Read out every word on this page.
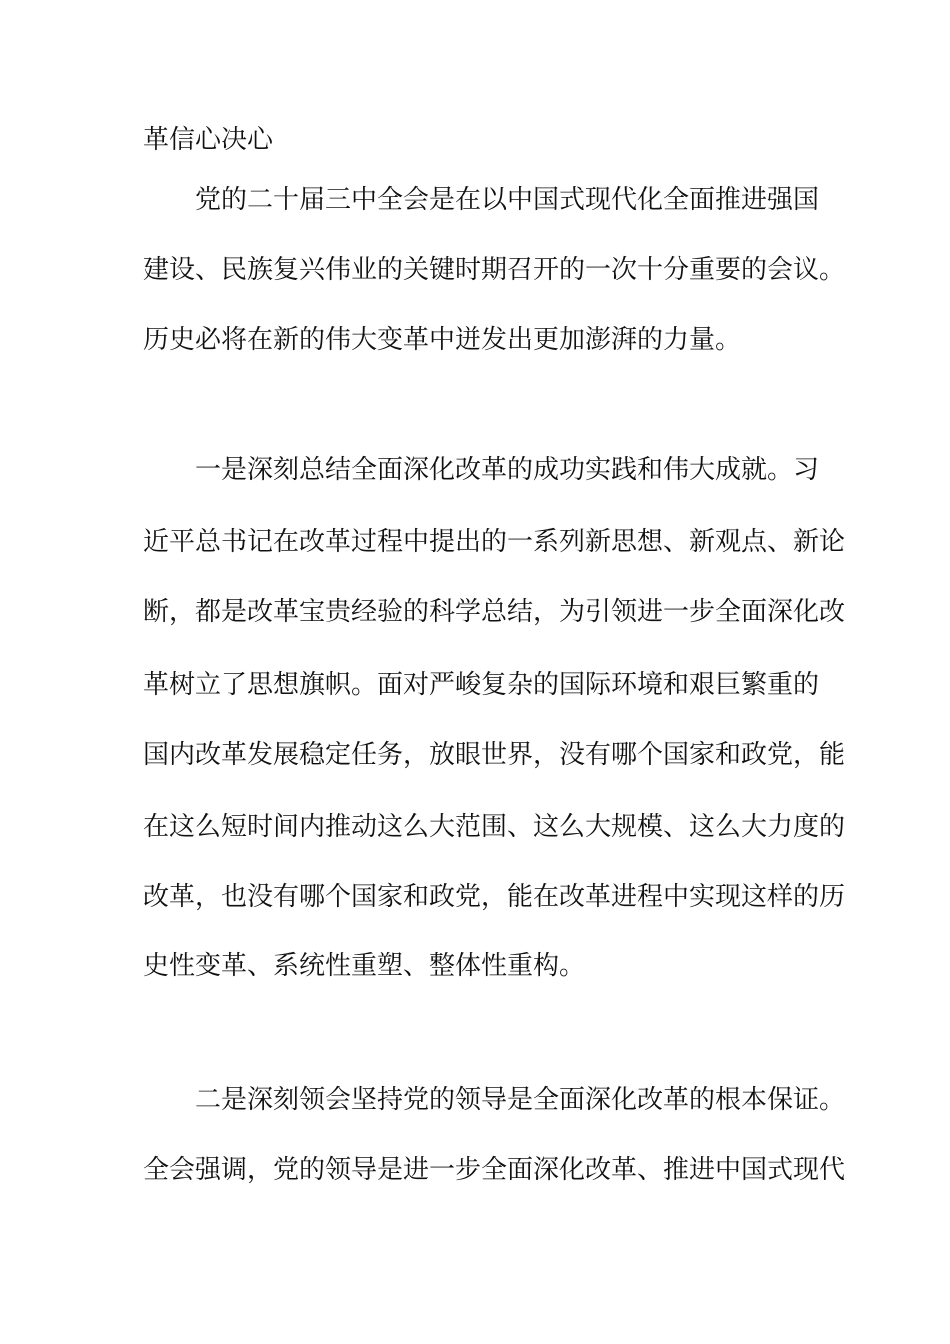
革信心决心
党的二十届三中全会是在以中国式现代化全面推进强国
建设、民族复兴伟业的关键时期召开的一次十分重要的会议。
历史必将在新的伟大变革中迸发出更加澎湃的力量。
一是深刻总结全面深化改革的成功实践和伟大成就。习
近平总书记在改革过程中提出的一系列新思想、新观点、新论
断，都是改革宝贵经验的科学总结，为引领进一步全面深化改
革树立了思想旗帜。面对严峻复杂的国际环境和艰巨繁重的
国内改革发展稳定任务，放眼世界，没有哪个国家和政党，能
在这么短时间内推动这么大范围、这么大规模、这么大力度的
改革，也没有哪个国家和政党，能在改革进程中实现这样的历
史性变革、系统性重塑、整体性重构。
二是深刻领会坚持党的领导是全面深化改革的根本保证。
全会强调，党的领导是进一步全面深化改革、推进中国式现代
